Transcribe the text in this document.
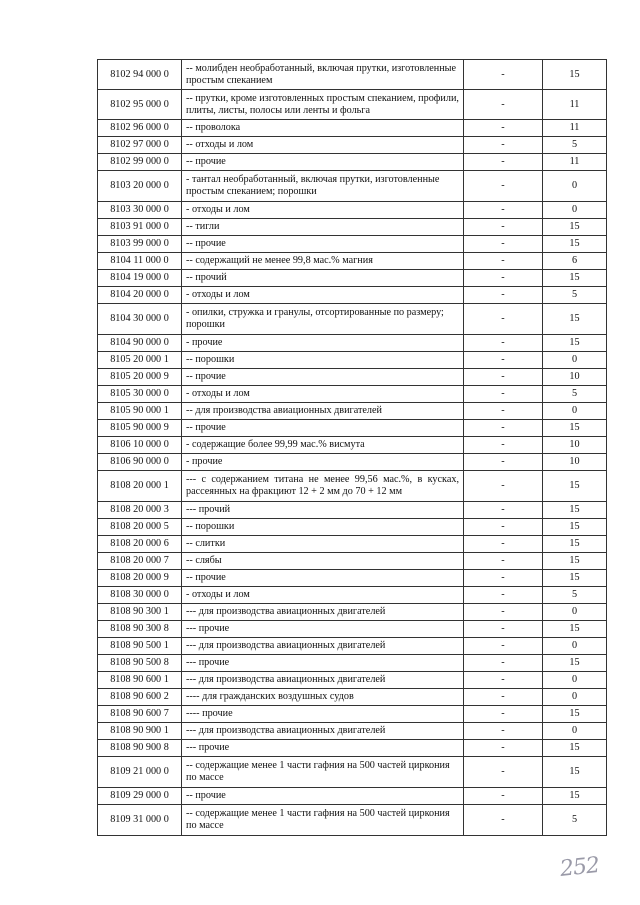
8102 94 000 0	-- молибден необработанный, включая прутки, изготовленные простым спеканием	-	15
8102 95 000 0	-- прутки, кроме изготовленных простым спеканием, профили, плиты, листы, полосы или ленты и фольга	-	11
8102 96 000 0	-- проволока	-	11
8102 97 000 0	-- отходы и лом	-	5
8102 99 000 0	-- прочие	-	11
8103 20 000 0	- тантал необработанный, включая прутки, изготовленные простым спеканием; порошки	-	0
8103 30 000 0	- отходы и лом	-	0
8103 91 000 0	-- тигли	-	15
8103 99 000 0	-- прочие	-	15
8104 11 000 0	-- содержащий не менее 99,8 мас.% магния	-	6
8104 19 000 0	-- прочий	-	15
8104 20 000 0	- отходы и лом	-	5
8104 30 000 0	- опилки, стружка и гранулы, отсортированные по размеру; порошки	-	15
8104 90 000 0	- прочие	-	15
8105 20 000 1	-- порошки	-	0
8105 20 000 9	-- прочие	-	10
8105 30 000 0	- отходы и лом	-	5
8105 90 000 1	-- для производства авиационных двигателей	-	0
8105 90 000 9	-- прочие	-	15
8106 10 000 0	- содержащие более 99,99 мас.% висмута	-	10
8106 90 000 0	- прочие	-	10
8108 20 000 1	--- с содержанием титана не менее 99,56 мас.%, в кусках, рассеянных на фракциют 12 + 2 мм до 70 + 12 мм	-	15
8108 20 000 3	--- прочий	-	15
8108 20 000 5	-- порошки	-	15
8108 20 000 6	-- слитки	-	15
8108 20 000 7	-- слябы	-	15
8108 20 000 9	-- прочие	-	15
8108 30 000 0	- отходы и лом	-	5
8108 90 300 1	--- для производства авиационных двигателей	-	0
8108 90 300 8	--- прочие	-	15
8108 90 500 1	--- для производства авиационных двигателей	-	0
8108 90 500 8	--- прочие	-	15
8108 90 600 1	--- для производства авиационных двигателей	-	0
8108 90 600 2	---- для гражданских воздушных судов	-	0
8108 90 600 7	---- прочие	-	15
8108 90 900 1	--- для производства авиационных двигателей	-	0
8108 90 900 8	--- прочие	-	15
8109 21 000 0	-- содержащие менее 1 части гафния на 500 частей циркония по массе	-	15
8109 29 000 0	-- прочие	-	15
8109 31 000 0	-- содержащие менее 1 части гафния на 500 частей циркония по массе	-	5
252
